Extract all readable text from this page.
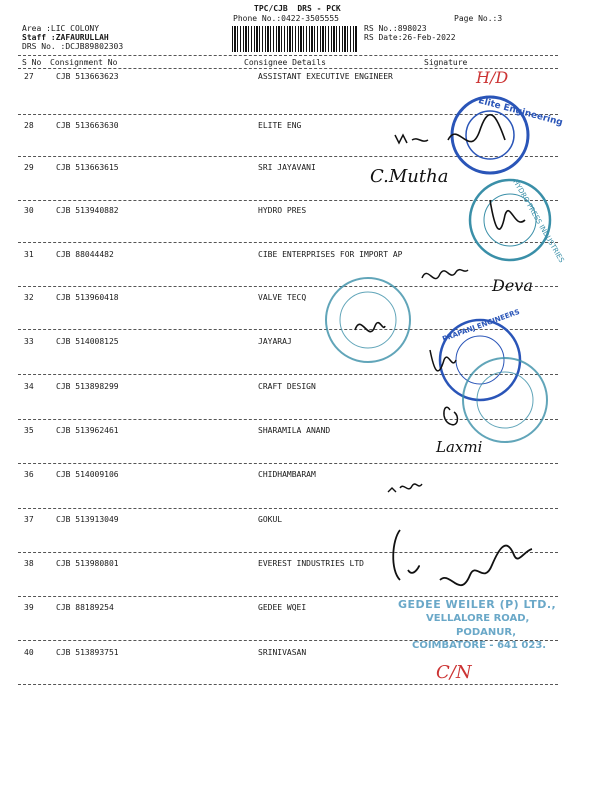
TPC/CJB  DRS - PCK
Phone No.:0422-3505555
Area :LIC COLONY
Staff :ZAFAURULLAH
DRS No. :DCJB89802303
RS No.:898023
RS Date:26-Feb-2022
Page No.:3
S No Consignment No	Consignee Details	Signature
27	CJB 513663623	ASSISTANT EXECUTIVE ENGINEER
28	CJB 513663630	ELITE ENG
29	CJB 513663615	SRI JAYAVANI
30	CJB 513940882	HYDRO PRES
31	CJB 88044482	CIBE ENTERPRISES FOR IMPORT AP
32	CJB 513960418	VALVE TECQ
33	CJB 514008125	JAYARAJ
34	CJB 513898299	CRAFT DESIGN
35	CJB 513962461	SHARAMILA ANAND
36	CJB 514009106	CHIDHAMBARAM
37	CJB 513913049	GOKUL
38	CJB 513980801	EVEREST INDUSTRIES LTD
39	CJB 88189254	GEDEE WQEI
40	CJB 513893751	SRINIVASAN
Elite Engineering
HYDRO PRESS INDUSTRIES
PRAPANJ ENGINEERS
GEDEE WEILER (P) LTD.,
VELLALORE ROAD,
PODANUR,
COIMBATORE - 641 023.
H/D
C.Mutha
Deva
Laxmi
C/N
